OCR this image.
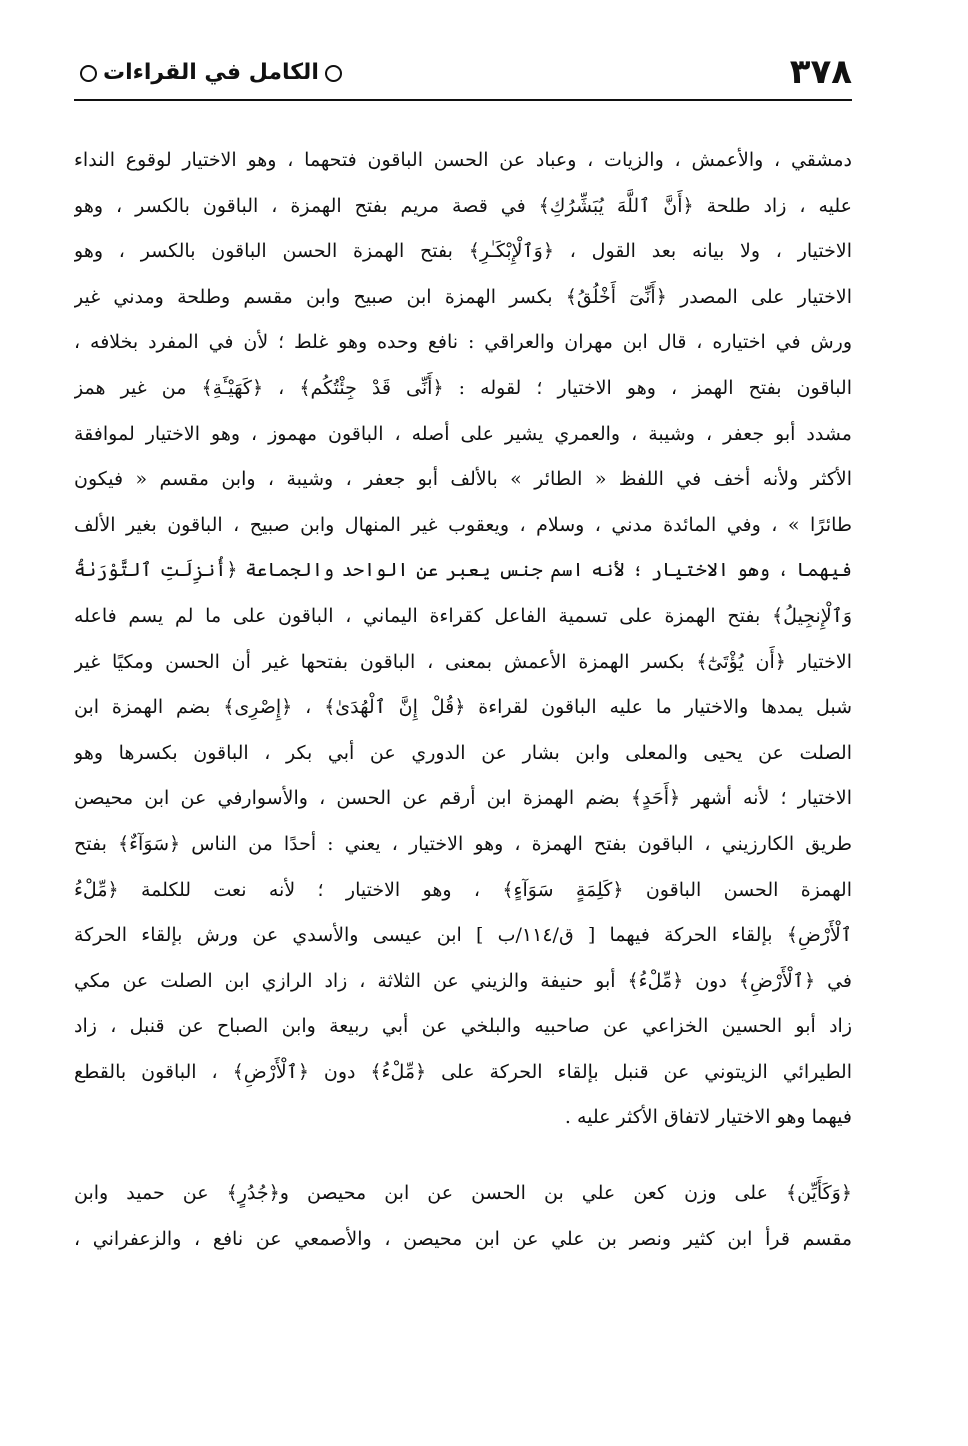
٣٧٨
الكامل في القراءات
دمشقي ، والأعمش ، والزيات ، وعباد عن الحسن الباقون فتحهما ، وهو الاختيار لوقوع النداء
عليه ، زاد طلحة ﴿أَنَّ ٱللَّهَ يُبَشِّرُكِ﴾ في قصة مريم بفتح الهمزة ، الباقون بالكسر ، وهو
الاختيار ، ولا بيانه بعد القول ، ﴿وَٱلْإِبْكَـٰرِ﴾ بفتح الهمزة الحسن الباقون بالكسر ، وهو
الاختيار على المصدر ﴿أَنِّىٓ أَخْلُقُ﴾ بكسر الهمزة ابن صبيح وابن مقسم وطلحة ومدني غير
ورش في اختياره ، قال ابن مهران والعراقي : نافع وحده وهو غلط ؛ لأن في المفرد بخلافه ،
الباقون بفتح الهمز ، وهو الاختيار ؛ لقوله : ﴿أَنِّى قَدْ جِئْتُكُم﴾ ، ﴿كَهَيْـَٔةِ﴾ من غير همز
مشدد أبو جعفر ، وشيبة ، والعمري يشير على أصله ، الباقون مهموز ، وهو الاختيار لموافقة
الأكثر ولأنه أخف في اللفظ « الطائر » بالألف أبو جعفر ، وشيبة ، وابن مقسم « فيكون
طائرًا » ، وفي المائدة مدني ، وسلام ، ويعقوب غير المنهال وابن صبيح ، الباقون بغير الألف
فيهما ، وهو الاختيار ؛ لأنه اسم جنس يعبر عن الواحد والجماعة ﴿أُنزِلَتِ ٱلتَّوْرَىٰةُ
وَٱلْإِنجِيلُ﴾ بفتح الهمزة على تسمية الفاعل كقراءة اليماني ، الباقون على ما لم يسم فاعله
الاختيار ﴿أَن يُؤْتَىٰٓ﴾ بكسر الهمزة الأعمش بمعنى ، الباقون بفتحها غير أن الحسن ومكيًا غير
شبل يمدها والاختيار ما عليه الباقون لقراءة ﴿قُلْ إِنَّ ٱلْهُدَىٰ﴾ ، ﴿إِصْرِى﴾ بضم الهمزة ابن
الصلت عن يحيى والمعلى وابن بشار عن الدوري عن أبي بكر ، الباقون بكسرها وهو
الاختيار ؛ لأنه أشهر ﴿أَحَدٍ﴾ بضم الهمزة ابن أرقم عن الحسن ، والأسوارفي عن ابن محيصن
طريق الكارزيني ، الباقون بفتح الهمزة ، وهو الاختيار ، يعني : أحدًا من الناس ﴿سَوَآءٌ﴾ بفتح
الهمزة الحسن الباقون ﴿كَلِمَةٍ سَوَآءٍ﴾ ، وهو الاختيار ؛ لأنه نعت للكلمة ﴿مِّلْءُ
ٱلْأَرْضِ﴾ بإلقاء الحركة فيهما [ ق/١١٤/ب ] ابن عيسى والأسدي عن ورش بإلقاء الحركة
في ﴿ٱلْأَرْضِ﴾ دون ﴿مِّلْءُ﴾ أبو حنيفة والزيني عن الثلاثة ، زاد الرازي ابن الصلت عن مكي
زاد أبو الحسين الخزاعي عن صاحبيه والبلخي عن أبي ربيعة وابن الصباح عن قنبل ، زاد
الطيرائي الزيتوني عن قنبل بإلقاء الحركة على ﴿مِّلْءُ﴾ دون ﴿ٱلْأَرْضِ﴾ ، الباقون بالقطع
فيهما وهو الاختيار لاتفاق الأكثر عليه .
﴿وَكَأَيِّن﴾ على وزن كعن علي بن الحسن عن ابن محيصن و﴿جُدُرٍ﴾ عن حميد وابن
مقسم قرأ ابن كثير ونصر بن علي عن ابن محيصن ، والأصمعي عن نافع ، والزعفراني ،
